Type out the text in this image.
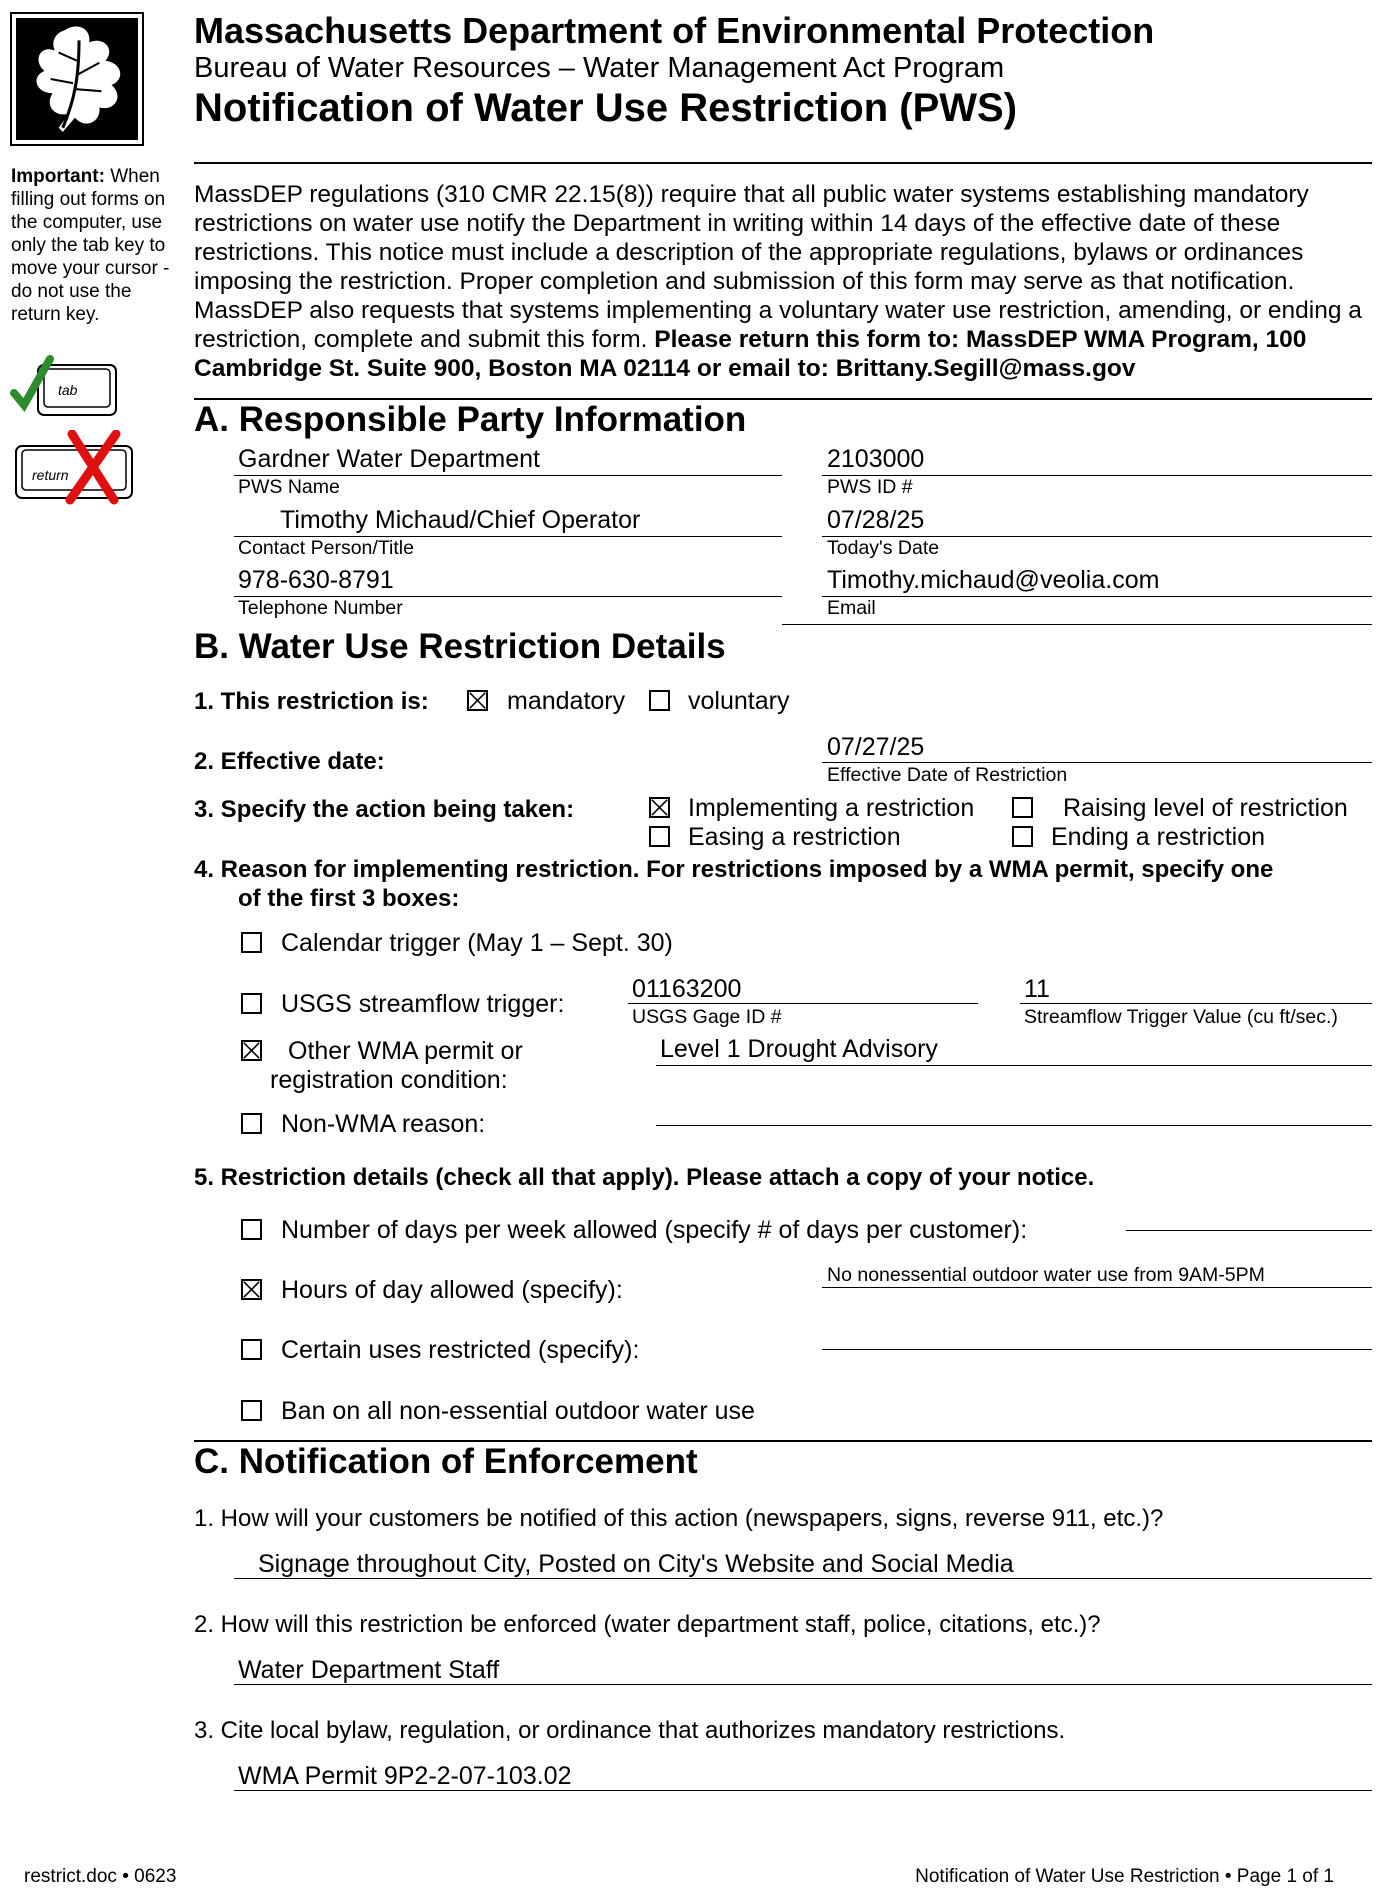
Massachusetts Department of Environmental Protection
Bureau of Water Resources – Water Management Act Program
Notification of Water Use Restriction (PWS)
Important: When filling out forms on the computer, use only the tab key to move your cursor - do not use the return key.
tab
return
MassDEP regulations (310 CMR 22.15(8)) require that all public water systems establishing mandatory restrictions on water use notify the Department in writing within 14 days of the effective date of these restrictions. This notice must include a description of the appropriate regulations, bylaws or ordinances imposing the restriction. Proper completion and submission of this form may serve as that notification. MassDEP also requests that systems implementing a voluntary water use restriction, amending, or ending a restriction, complete and submit this form. Please return this form to: MassDEP WMA Program, 100 Cambridge St. Suite 900, Boston MA 02114 or email to: Brittany.Segill@mass.gov
A. Responsible Party Information
Gardner Water Department
PWS Name
2103000
PWS ID #
Timothy Michaud/Chief Operator
Contact Person/Title
07/28/25
Today's Date
978-630-8791
Telephone Number
Timothy.michaud@veolia.com
Email
B. Water Use Restriction Details
1. This restriction is:	mandatory	voluntary
2. Effective date:
07/27/25
Effective Date of Restriction
3. Specify the action being taken:	Implementing a restriction	Raising level of restriction
Easing a restriction	Ending a restriction
4. Reason for implementing restriction. For restrictions imposed by a WMA permit, specify one
of the first 3 boxes:
Calendar trigger (May 1 – Sept. 30)
USGS streamflow trigger:
01163200
USGS Gage ID #
11
Streamflow Trigger Value (cu ft/sec.)
Other WMA permit or
registration condition:
Level 1 Drought Advisory
Non-WMA reason:
5. Restriction details (check all that apply). Please attach a copy of your notice.
Number of days per week allowed (specify # of days per customer):
Hours of day allowed (specify):
No nonessential outdoor water use from 9AM-5PM
Certain uses restricted (specify):
Ban on all non-essential outdoor water use
C. Notification of Enforcement
1. How will your customers be notified of this action (newspapers, signs, reverse 911, etc.)?
Signage throughout City, Posted on City's Website and Social Media
2. How will this restriction be enforced (water department staff, police, citations, etc.)?
Water Department Staff
3. Cite local bylaw, regulation, or ordinance that authorizes mandatory restrictions.
WMA Permit 9P2-2-07-103.02
restrict.doc • 0623	Notification of Water Use Restriction • Page 1 of 1
